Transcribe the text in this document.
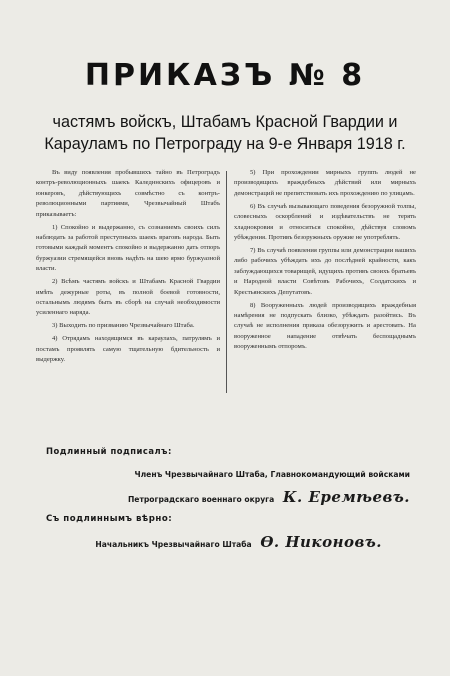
ПРИКАЗЪ № 8
частямъ войскъ, Штабамъ Красной Гвардии и Карауламъ по Петрограду на 9-е Января 1918 г.

Въ виду появления пробывшихъ тайно въ Петроградъ контръ-революционныхъ шаекъ Каледннскихъ офицеровъ и юнкеровъ, дѣйствующихъ совмѣстно съ контръ-революционными партиями, Чрезвычайный Штабъ приказываетъ:

1) Спокойно и выдержанно, съ сознаниемъ своихъ силъ наблюдать за работой преступныхъ шаекъ враговъ народа. Быть готовыми каждый моментъ спокойно и выдержанно дать отпоръ буржуазии стремящейся вновь надѣть на шею ярмо буржуазной власти.

2) Всѣмъ частямъ войскъ и Штабамъ Красной Гвардии имѣть дежурные роты, въ полной боевой готовности, остальнымъ людямъ быть въ сборѣ на случай необходимости усиленнаго наряда.

3) Выходить по призванию Чрезвычайнаго Штаба.

4) Отрядамъ находящимся въ караулахъ, патрулямъ и постамъ проявлять самую тщательную бдительность и выдержку.

5) При прохождении мирныхъ группъ людей не производящихъ враждебныхъ дѣйствий или мирныхъ демонстраций не препятствовать ихъ прохождению по улицамъ.

6) Въ случаѣ вызывающаго поведения безоружной толпы, словесныхъ оскорблений и издѣвательствъ не терять хладнокровия и относиться спокойно, дѣйствуя словомъ убѣждения. Противъ безоружныхъ оружие не употреблять.

7) Въ случаѣ появления группы или демонстрации вашихъ либо рабочихъ убѣждать ихъ до послѣдней крайности, какъ заблуждающихся товарищей, идущихъ противъ своихъ братьевъ и Народной власти Совѣтовъ Рабочихъ, Солдатскихъ и Крестьянскихъ Депутатовъ.

8) Вооруженныхъ людей производящихъ враждебныя намѣрения не подпускать близко, убѣждать разойтись. Въ случаѣ не исполнения приказа обезоружить и арестовать. На вооруженное нападение отвѣчать беспощаднымъ вооруженнымъ отпоромъ.

Подлинный подписалъ:
Членъ Чрезвычайнаго Штаба, Главнокомандующий войсками
Петроградскаго военнаго округа К. Еремѣевъ.
Съ подлиннымъ вѣрно:
Начальникъ Чрезвычайнаго Штаба Ѳ. Никоновъ.
